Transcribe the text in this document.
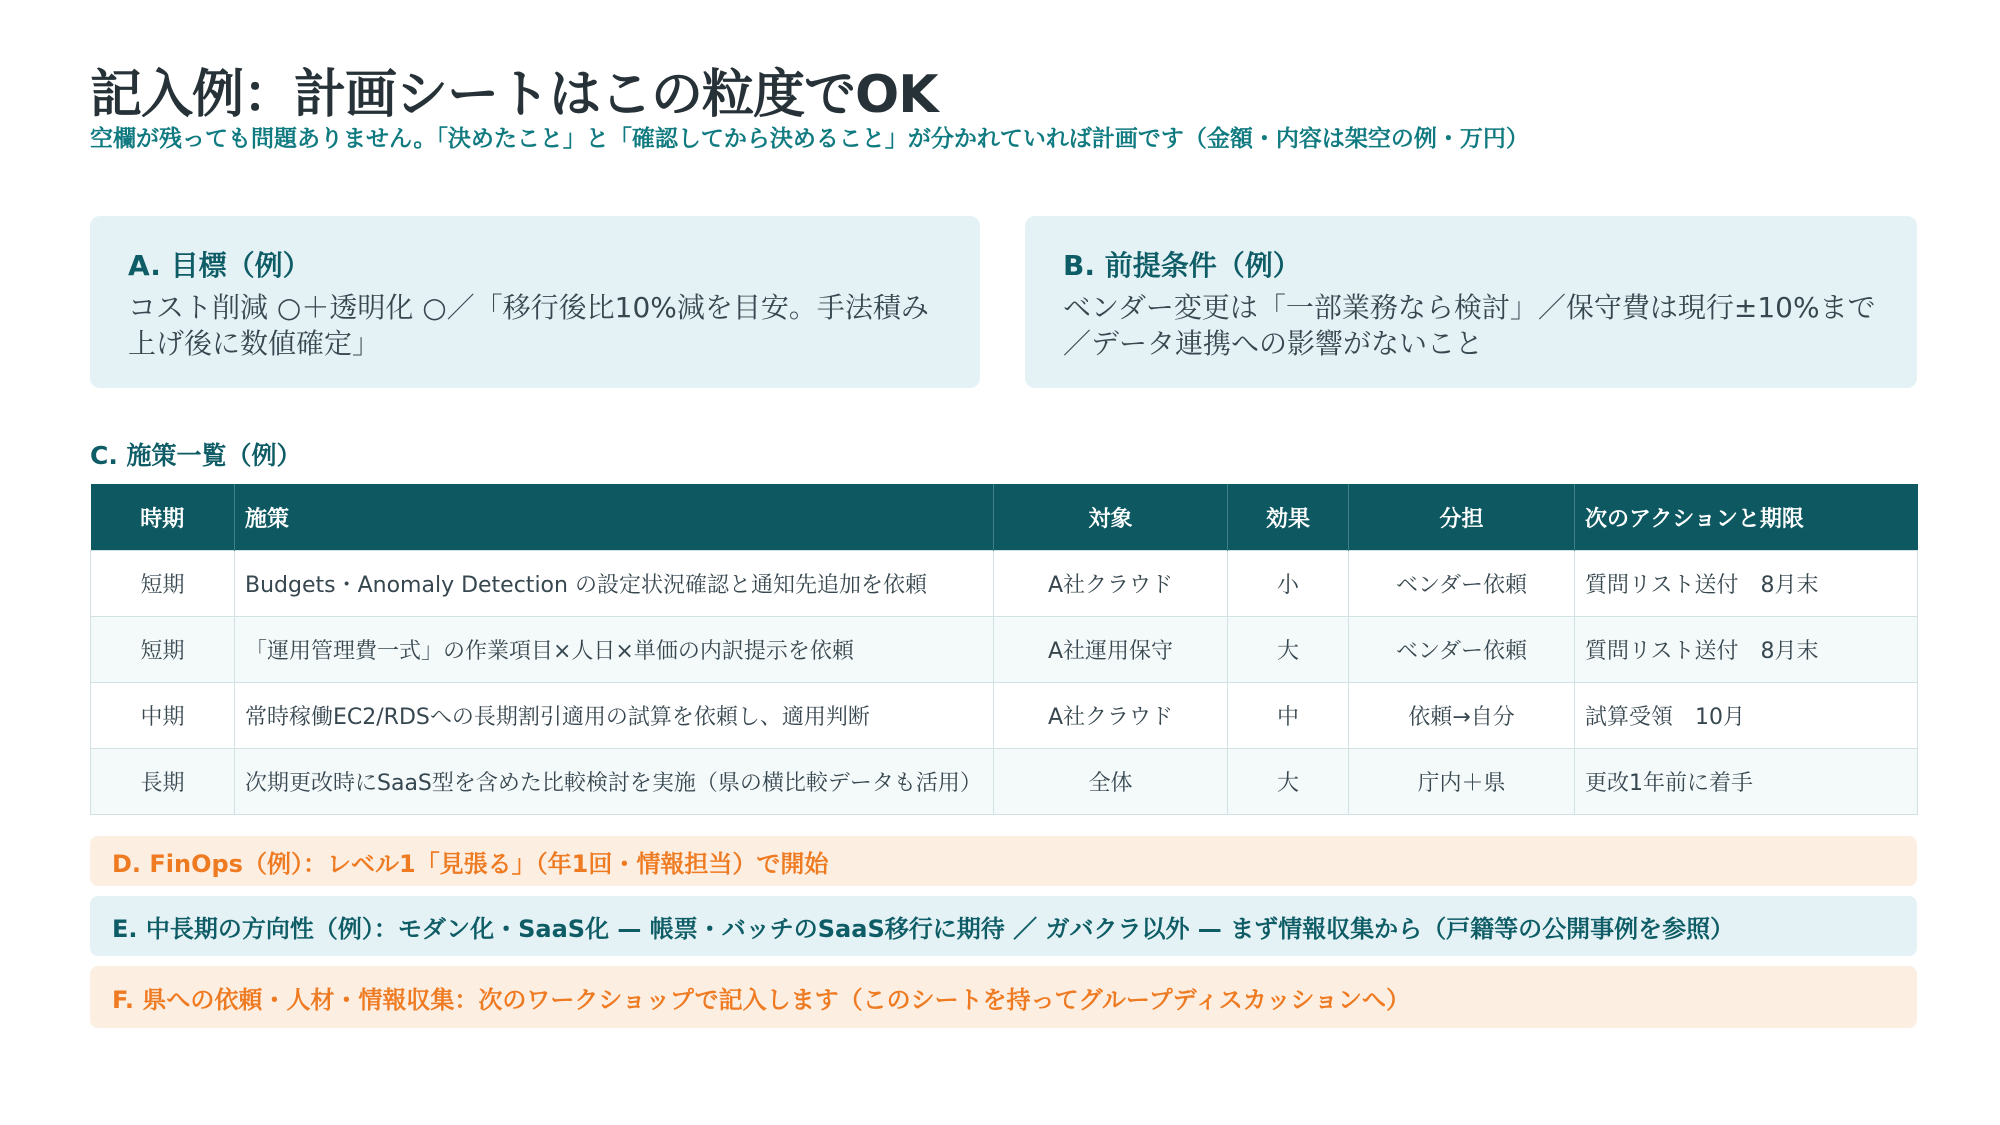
記入例：計画シートはこの粒度でOK

空欄が残っても問題ありません。「決めたこと」と「確認してから決めること」が分かれていれば計画です（金額・内容は架空の例・万円）

A. 目標（例）

コスト削減 ○＋透明化 ○／「移行後比10%減を目安。手法積み上げ後に数値確定」

B. 前提条件（例）

ベンダー変更は「一部業務なら検討」／保守費は現行±10%まで／データ連携への影響がないこと

C. 施策一覧（例）
時期	施策	対象	効果	分担	次のアクションと期限
短期	Budgets・Anomaly Detection の設定状況確認と通知先追加を依頼	A社クラウド	小	ベンダー依頼	質問リスト送付　8月末
短期	「運用管理費一式」の作業項目×人日×単価の内訳提示を依頼	A社運用保守	大	ベンダー依頼	質問リスト送付　8月末
中期	常時稼働EC2/RDSへの長期割引適用の試算を依頼し、適用判断	A社クラウド	中	依頼→自分	試算受領　10月
長期	次期更改時にSaaS型を含めた比較検討を実施（県の横比較データも活用）	全体	大	庁内＋県	更改1年前に着手
D. FinOps（例）：レベル1「見張る」（年1回・情報担当）で開始
E. 中長期の方向性（例）：モダン化・SaaS化 — 帳票・バッチのSaaS移行に期待 ／ ガバクラ以外 — まず情報収集から（戸籍等の公開事例を参照）
F. 県への依頼・人材・情報収集：次のワークショップで記入します（このシートを持ってグループディスカッションへ）
